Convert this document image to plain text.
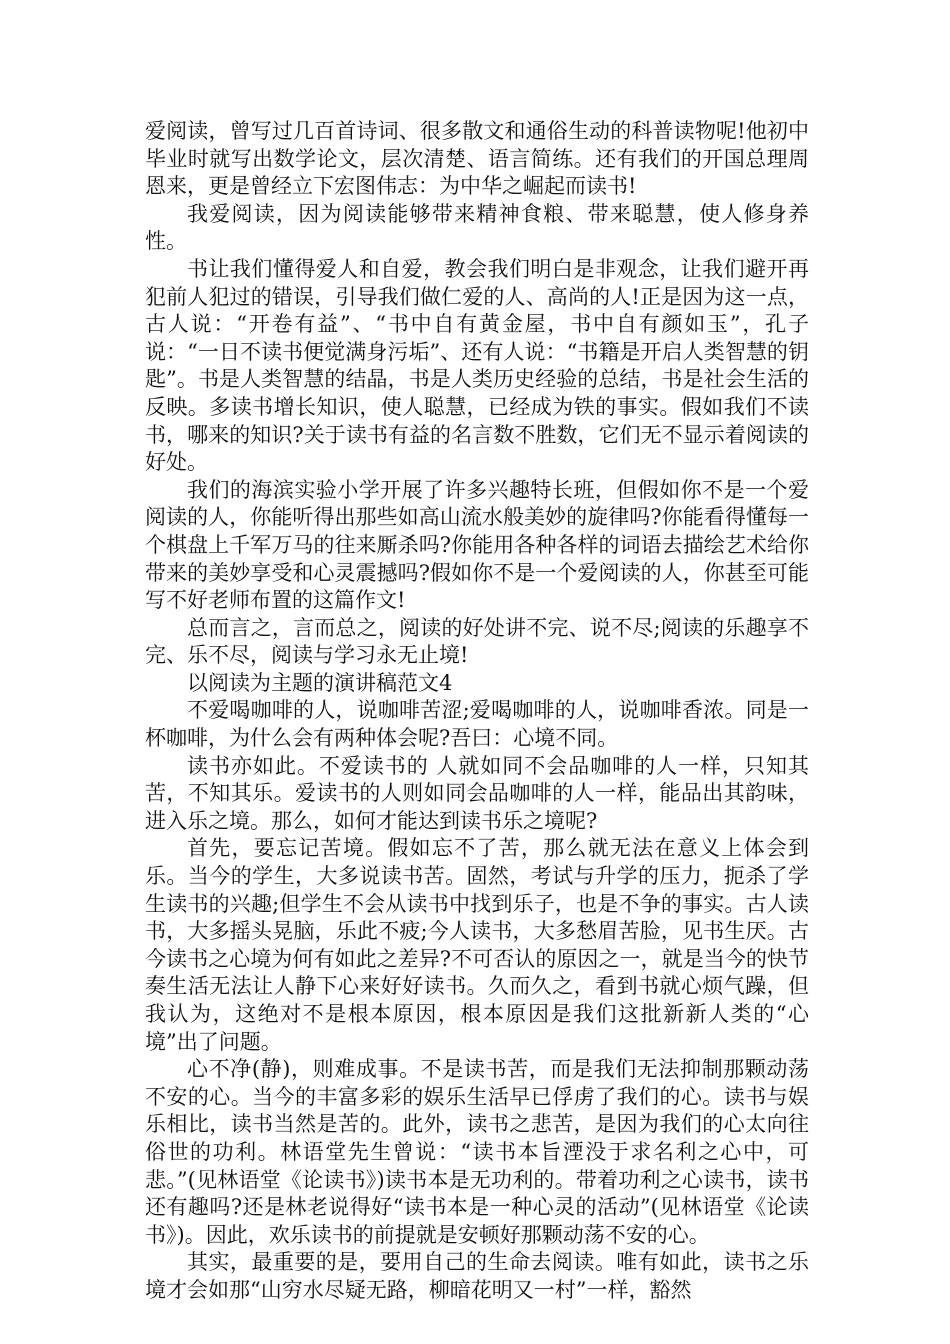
爱阅读，曾写过几百首诗词、很多散文和通俗生动的科普读物呢!他初中毕业时就写出数学论文，层次清楚、语言简练。还有我们的开国总理周恩来，更是曾经立下宏图伟志：为中华之崛起而读书!

我爱阅读，因为阅读能够带来精神食粮、带来聪慧，使人修身养性。

书让我们懂得爱人和自爱，教会我们明白是非观念，让我们避开再犯前人犯过的错误，引导我们做仁爱的人、高尚的人!正是因为这一点，古人说：“开卷有益”、“书中自有黄金屋，书中自有颜如玉”，孔子说：“一日不读书便觉满身污垢”、还有人说：“书籍是开启人类智慧的钥匙”。书是人类智慧的结晶，书是人类历史经验的总结，书是社会生活的反映。多读书增长知识，使人聪慧，已经成为铁的事实。假如我们不读书，哪来的知识?关于读书有益的名言数不胜数，它们无不显示着阅读的好处。

我们的海滨实验小学开展了许多兴趣特长班，但假如你不是一个爱阅读的人，你能听得出那些如高山流水般美妙的旋律吗?你能看得懂每一个棋盘上千军万马的往来厮杀吗?你能用各种各样的词语去描绘艺术给你带来的美妙享受和心灵震撼吗?假如你不是一个爱阅读的人，你甚至可能写不好老师布置的这篇作文!

总而言之，言而总之，阅读的好处讲不完、说不尽;阅读的乐趣享不完、乐不尽，阅读与学习永无止境!

以阅读为主题的演讲稿范文4

不爱喝咖啡的人，说咖啡苦涩;爱喝咖啡的人，说咖啡香浓。同是一杯咖啡，为什么会有两种体会呢?吾曰：心境不同。

读书亦如此。不爱读书的 人就如同不会品咖啡的人一样，只知其苦，不知其乐。爱读书的人则如同会品咖啡的人一样，能品出其韵味，进入乐之境。那么，如何才能达到读书乐之境呢?

首先，要忘记苦境。假如忘不了苦，那么就无法在意义上体会到乐。当今的学生，大多说读书苦。固然，考试与升学的压力，扼杀了学生读书的兴趣;但学生不会从读书中找到乐子，也是不争的事实。古人读书，大多摇头晃脑，乐此不疲;今人读书，大多愁眉苦脸，见书生厌。古今读书之心境为何有如此之差异?不可否认的原因之一，就是当今的快节奏生活无法让人静下心来好好读书。久而久之，看到书就心烦气躁，但我认为，这绝对不是根本原因，根本原因是我们这批新新人类的“心境”出了问题。

心不净(静)，则难成事。不是读书苦，而是我们无法抑制那颗动荡不安的心。当今的丰富多彩的娱乐生活早已俘虏了我们的心。读书与娱乐相比，读书当然是苦的。此外，读书之悲苦，是因为我们的心太向往俗世的功利。林语堂先生曾说：“读书本旨湮没于求名利之心中，可悲。”(见林语堂《论读书》)读书本是无功利的。带着功利之心读书，读书还有趣吗?还是林老说得好“读书本是一种心灵的活动”(见林语堂《论读书》)。因此，欢乐读书的前提就是安顿好那颗动荡不安的心。

其实，最重要的是，要用自己的生命去阅读。唯有如此，读书之乐境才会如那“山穷水尽疑无路，柳暗花明又一村”一样，豁然
